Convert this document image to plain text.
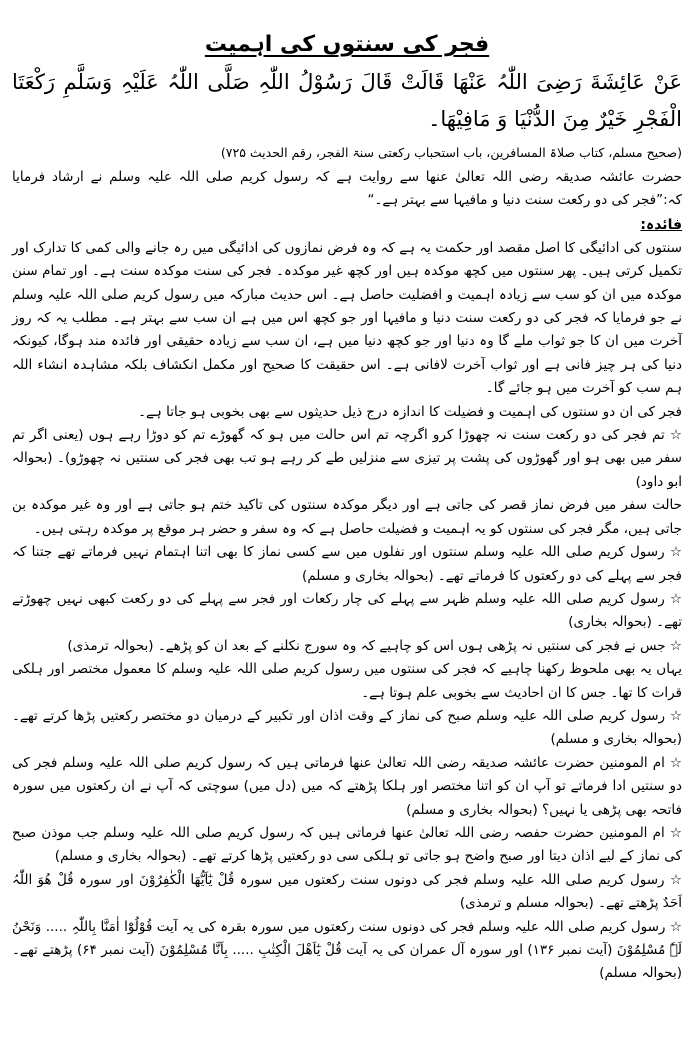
فجر کی سنتوں کی اہمیت

عَنْ عَائِشَةَ رَضِیَ اللّٰہُ عَنْھَا قَالَتْ قَالَ رَسُوْلُ اللّٰہِ صَلَّی اللّٰہُ عَلَیْہِ وَسَلَّمِ رَکْعَتَا الْفَجْرِ خَیْرٌ مِنَ الدُّنْیَا وَ مَافِیْھَا۔

(صحیح مسلم، کتاب صلاۃ المسافرین، باب استحباب رکعتی سنۃ الفجر، رقم الحدیث ۷۲۵)

حضرت عائشہ صدیقہ رضی اللہ تعالیٰ عنھا سے روایت ہے کہ رسول کریم صلی اللہ علیہ وسلم نے ارشاد فرمایا کہ:”فجر کی دو رکعت سنت دنیا و مافیہا سے بہتر ہے۔“

فائدہ:

سنتوں کی ادائیگی کا اصل مقصد اور حکمت یہ ہے کہ وہ فرض نمازوں کی ادائیگی میں رہ جانے والی کمی کا تدارک اور تکمیل کرتی ہیں۔ پھر سنتوں میں کچھ موکدہ ہیں اور کچھ غیر موکدہ۔ فجر کی سنت موکدہ سنت ہے۔ اور تمام سنن موکدہ میں ان کو سب سے زیادہ اہمیت و افضلیت حاصل ہے۔ اس حدیث مبارکہ میں رسول کریم صلی اللہ علیہ وسلم نے جو فرمایا کہ فجر کی دو رکعت سنت دنیا و مافیہا اور جو کچھ اس میں ہے ان سب سے بہتر ہے۔ مطلب یہ کہ روز آخرت میں ان کا جو ثواب ملے گا وہ دنیا اور جو کچھ دنیا میں ہے، ان سب سے زیادہ حقیقی اور فائدہ مند ہوگا، کیونکہ دنیا کی ہر چیز فانی ہے اور ثواب آخرت لافانی ہے۔ اس حقیقت کا صحیح اور مکمل انکشاف بلکہ مشاہدہ انشاء اللہ ہم سب کو آخرت میں ہو جائے گا۔

فجر کی ان دو سنتوں کی اہمیت و فضیلت کا اندازہ درج ذیل حدیثوں سے بھی بخوبی ہو جاتا ہے۔

☆ تم فجر کی دو رکعت سنت نہ چھوڑا کرو اگرچہ تم اس حالت میں ہو کہ گھوڑے تم کو دوڑا رہے ہوں (یعنی اگر تم سفر میں بھی ہو اور گھوڑوں کی پشت پر تیزی سے منزلیں طے کر رہے ہو تب بھی فجر کی سنتیں نہ چھوڑو)۔ (بحوالہ ابو داود)

حالت سفر میں فرض نماز قصر کی جاتی ہے اور دیگر موکدہ سنتوں کی تاکید ختم ہو جاتی ہے اور وہ غیر موکدہ بن جاتی ہیں، مگر فجر کی سنتوں کو یہ اہمیت و فضیلت حاصل ہے کہ وہ سفر و حضر ہر موقع پر موکدہ رہتی ہیں۔

☆ رسول کریم صلی اللہ علیہ وسلم سنتوں اور نفلوں میں سے کسی نماز کا بھی اتنا اہتمام نہیں فرماتے تھے جتنا کہ فجر سے پہلے کی دو رکعتوں کا فرماتے تھے۔ (بحوالہ بخاری و مسلم)

☆ رسول کریم صلی اللہ علیہ وسلم ظہر سے پہلے کی چار رکعات اور فجر سے پہلے کی دو رکعت کبھی نہیں چھوڑتے تھے۔ (بحوالہ بخاری)

☆ جس نے فجر کی سنتیں نہ پڑھی ہوں اس کو چاہیے کہ وہ سورج نکلنے کے بعد ان کو پڑھے۔ (بحوالہ ترمذی)

یہاں یہ بھی ملحوظ رکھنا چاہیے کہ فجر کی سنتوں میں رسول کریم صلی اللہ علیہ وسلم کا معمول مختصر اور ہلکی قرات کا تھا۔ جس کا ان احادیث سے بخوبی علم ہوتا ہے۔

☆ رسول کریم صلی اللہ علیہ وسلم صبح کی نماز کے وقت اذان اور تکبیر کے درمیان دو مختصر رکعتیں پڑھا کرتے تھے۔ (بحوالہ بخاری و مسلم)

☆ ام المومنین حضرت عائشہ صدیقہ رضی اللہ تعالیٰ عنھا فرماتی ہیں کہ رسول کریم صلی اللہ علیہ وسلم فجر کی دو سنتیں ادا فرماتے تو آپ ان کو اتنا مختصر اور ہلکا پڑھتے کہ میں (دل میں) سوچتی کہ آپ نے ان رکعتوں میں سورہ فاتحہ بھی پڑھی یا نہیں؟ (بحوالہ بخاری و مسلم)

☆ ام المومنین حضرت حفصہ رضی اللہ تعالیٰ عنھا فرماتی ہیں کہ رسول کریم صلی اللہ علیہ وسلم جب موذن صبح کی نماز کے لیے اذان دیتا اور صبح واضح ہو جاتی تو ہلکی سی دو رکعتیں پڑھا کرتے تھے۔ (بحوالہ بخاری و مسلم)

☆ رسول کریم صلی اللہ علیہ وسلم فجر کی دونوں سنت رکعتوں میں سورہ قُلْ یٰٓاَیُّھَا الْکٰفِرُوْنَ اور سورہ قُلْ ھُوَ اللّٰہُ اَحَدٌ پڑھتے تھے۔ (بحوالہ مسلم و ترمذی)

☆ رسول کریم صلی اللہ علیہ وسلم فجر کی دونوں سنت رکعتوں میں سورہ بقرہ کی یہ آیت قُوْلُوْٓا اٰمَنَّا بِاللّٰہِ ..... وَنَحْنُ لَہٗ مُسْلِمُوْنَ (آیت نمبر ۱۳۶) اور سورہ آل عمران کی یہ آیت قُلْ یٰٓاَھْلَ الْکِتٰبِ ..... بِاَنَّا مُسْلِمُوْنَ (آیت نمبر ۶۴) پڑھتے تھے۔ (بحوالہ مسلم)
